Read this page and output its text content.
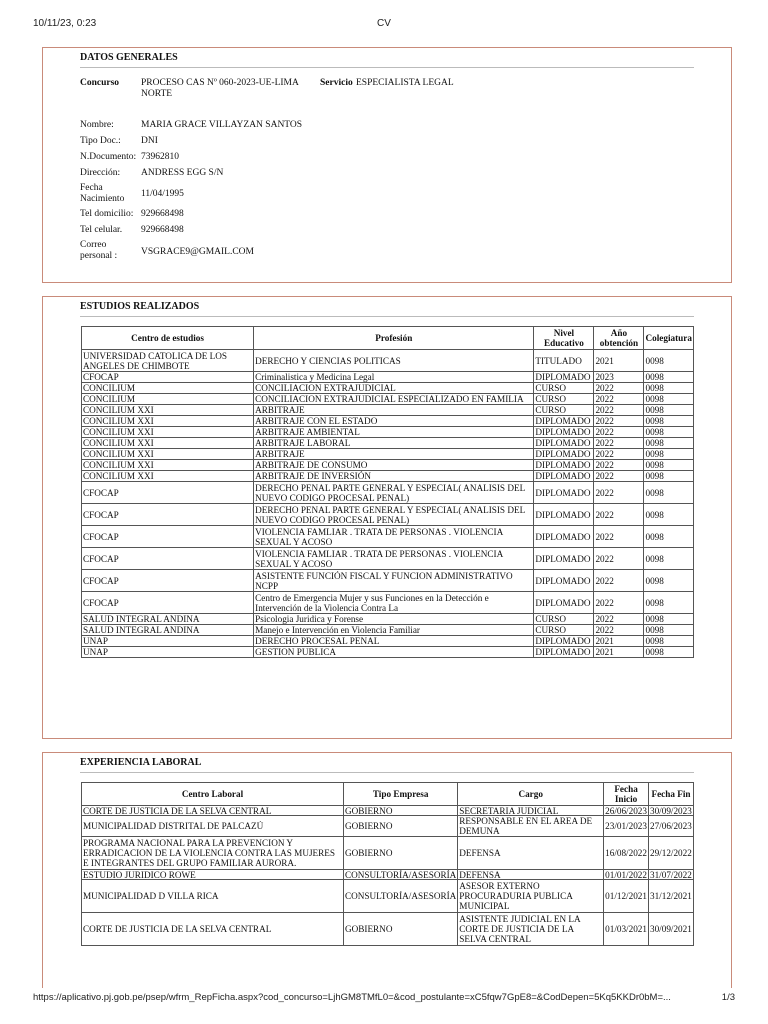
10/11/23, 0:23	CV
DATOS GENERALES
Concurso PROCESO CAS Nº 060-2023-UE-LIMA NORTE
Servicio ESPECIALISTA LEGAL
Nombre:	MARIA GRACE VILLAYZAN SANTOS
Tipo Doc.:	DNI
N.Documento: 73962810
Dirección:	ANDRESS EGG S/N
Fecha Nacimiento	11/04/1995
Tel domicilio: 929668498
Tel celular.	929668498
Correo personal :	VSGRACE9@GMAIL.COM
ESTUDIOS REALIZADOS
Centro de estudios	Profesión	Nivel Educativo	Año obtención	Colegiatura

UNIVERSIDAD CATOLICA DE LOS ANGELES DE CHIMBOTE	DERECHO Y CIENCIAS POLITICAS	TITULADO	2021	0098

CFOCAP	Criminalistica y Medicina Legal	DIPLOMADO	2023	0098

CONCILIUM	CONCILIACION EXTRAJUDICIAL	CURSO	2022	0098

CONCILIUM	CONCILIACION EXTRAJUDICIAL ESPECIALIZADO EN FAMILIA	CURSO	2022	0098

CONCILIUM XXI	ARBITRAJE	CURSO	2022	0098

CONCILIUM XXI	ARBITRAJE CON EL ESTADO	DIPLOMADO	2022	0098

CONCILIUM XXI	ARBITRAJE AMBIENTAL	DIPLOMADO	2022	0098

CONCILIUM XXI	ARBITRAJE LABORAL	DIPLOMADO	2022	0098

CONCILIUM XXI	ARBITRAJE	DIPLOMADO	2022	0098

CONCILIUM XXI	ARBITRAJE DE CONSUMO	DIPLOMADO	2022	0098

CONCILIUM XXI	ARBITRAJE DE INVERSIÓN	DIPLOMADO	2022	0098

CFOCAP	DERECHO PENAL PARTE GENERAL Y ESPECIAL( ANALISIS DEL NUEVO CODIGO PROCESAL PENAL)	DIPLOMADO	2022	0098

CFOCAP	DERECHO PENAL PARTE GENERAL Y ESPECIAL( ANALISIS DEL NUEVO CODIGO PROCESAL PENAL)	DIPLOMADO	2022	0098

CFOCAP	VIOLENCIA FAMLIAR . TRATA DE PERSONAS . VIOLENCIA SEXUAL Y ACOSO	DIPLOMADO	2022	0098

CFOCAP	VIOLENCIA FAMLIAR . TRATA DE PERSONAS . VIOLENCIA SEXUAL Y ACOSO	DIPLOMADO	2022	0098

CFOCAP	ASISTENTE FUNCIÓN FISCAL Y FUNCION ADMINISTRATIVO NCPP	DIPLOMADO	2022	0098

CFOCAP	Centro de Emergencia Mujer y sus Funciones en la Detección e Intervención de la Violencia Contra La	DIPLOMADO	2022	0098

SALUD INTEGRAL ANDINA	Psicologia Juridica y Forense	CURSO	2022	0098

SALUD INTEGRAL ANDINA	Manejo e Intervención en Violencia Familiar	CURSO	2022	0098

UNAP	DERECHO PROCESAL PENAL	DIPLOMADO	2021	0098

UNAP	GESTION PUBLICA	DIPLOMADO	2021	0098
EXPERIENCIA LABORAL
Centro Laboral	Tipo Empresa	Cargo	Fecha Inicio	Fecha Fin

CORTE DE JUSTICIA DE LA SELVA CENTRAL	GOBIERNO	SECRETARIA JUDICIAL	26/06/2023	30/09/2023

MUNICIPALIDAD DISTRITAL DE PALCAZÚ	GOBIERNO	RESPONSABLE EN EL AREA DE DEMUNA	23/01/2023	27/06/2023

PROGRAMA NACIONAL PARA LA PREVENCION Y ERRADICACION DE LA VIOLENCIA CONTRA LAS MUJERES E INTEGRANTES DEL GRUPO FAMILIAR AURORA.	GOBIERNO	DEFENSA	16/08/2022	29/12/2022

ESTUDIO JURIDICO ROWE	CONSULTORÍA/ASESORÍA	DEFENSA	01/01/2022	31/07/2022

MUNICIPALIDAD D VILLA RICA	CONSULTORÍA/ASESORÍA	ASESOR EXTERNO PROCURADURIA PUBLICA MUNICIPAL	01/12/2021	31/12/2021

CORTE DE JUSTICIA DE LA SELVA CENTRAL	GOBIERNO	ASISTENTE JUDICIAL EN LA CORTE DE JUSTICIA DE LA SELVA CENTRAL	01/03/2021	30/09/2021
https://aplicativo.pj.gob.pe/psep/wfrm_RepFicha.aspx?cod_concurso=LjhGM8TMfL0=&cod_postulante=xC5fqw7GpE8=&CodDepen=5Kq5KKDr0bM=...	1/3
